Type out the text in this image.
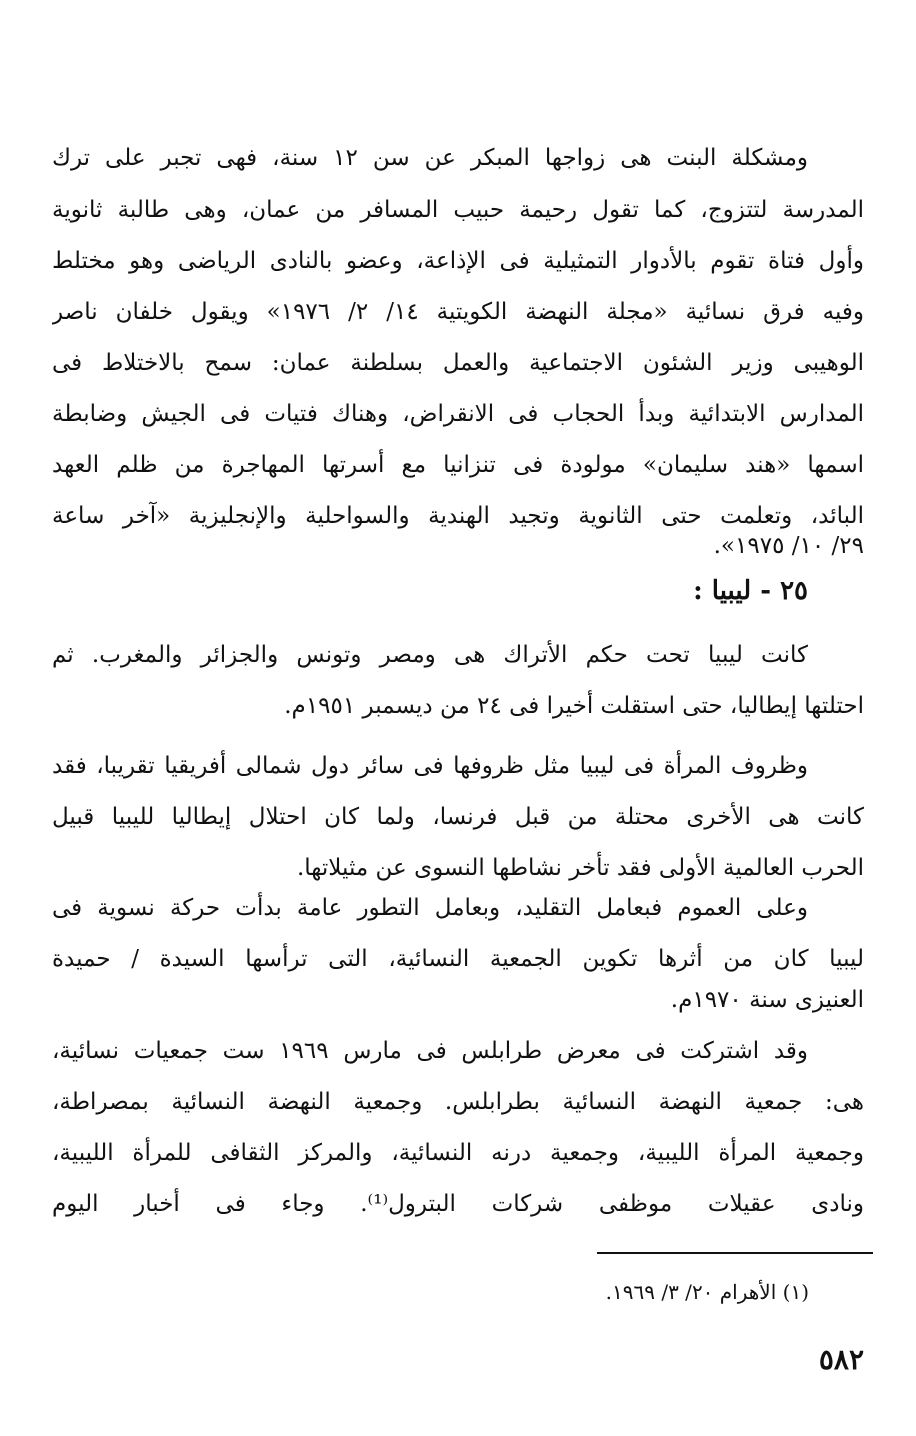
ومشكلة البنت هى زواجها المبكر عن سن ١٢ سنة، فهى تجبر على ترك
المدرسة لتتزوج، كما تقول رحيمة حبيب المسافر من عمان، وهى طالبة ثانوية
وأول فتاة تقوم بالأدوار التمثيلية فى الإذاعة، وعضو بالنادى الرياضى وهو مختلط
وفيه فرق نسائية «مجلة النهضة الكويتية ١٤/ ٢/ ١٩٧٦» ويقول خلفان ناصر
الوهيبى وزير الشئون الاجتماعية والعمل بسلطنة عمان: سمح بالاختلاط فى
المدارس الابتدائية وبدأ الحجاب فى الانقراض، وهناك فتيات فى الجيش وضابطة
اسمها «هند سليمان» مولودة فى تنزانيا مع أسرتها المهاجرة من ظلم العهد
البائد، وتعلمت حتى الثانوية وتجيد الهندية والسواحلية والإنجليزية «آخر ساعة
٢٩/ ١٠/ ١٩٧٥».
٢٥ - ليبيا :
كانت ليبيا تحت حكم الأتراك هى ومصر وتونس والجزائر والمغرب. ثم
احتلتها إيطاليا، حتى استقلت أخيرا فى ٢٤ من ديسمبر ١٩٥١م.
وظروف المرأة فى ليبيا مثل ظروفها فى سائر دول شمالى أفريقيا تقريبا، فقد
كانت هى الأخرى محتلة من قبل فرنسا، ولما كان احتلال إيطاليا لليبيا قبيل
الحرب العالمية الأولى فقد تأخر نشاطها النسوى عن مثيلاتها.
وعلى العموم فبعامل التقليد، وبعامل التطور عامة بدأت حركة نسوية فى
ليبيا كان من أثرها تكوين الجمعية النسائية، التى ترأسها السيدة / حميدة
العنيزى سنة ١٩٧٠م.
وقد اشتركت فى معرض طرابلس فى مارس ١٩٦٩ ست جمعيات نسائية،
هى: جمعية النهضة النسائية بطرابلس. وجمعية النهضة النسائية بمصراطة،
وجمعية المرأة الليبية، وجمعية درنه النسائية، والمركز الثقافى للمرأة الليبية،
ونادى عقيلات موظفى شركات البترول⁽¹⁾. وجاء فى أخبار اليوم
(١) الأهرام ٢٠/ ٣/ ١٩٦٩.
٥٨٢
